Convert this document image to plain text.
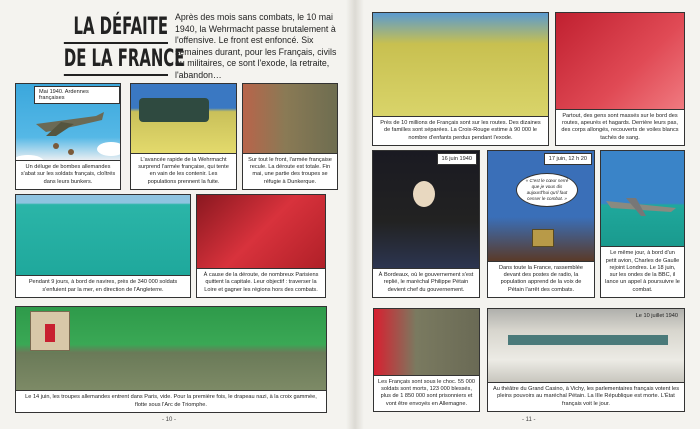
LA DÉFAITE
DE LA FRANCE
Après des mois sans combats, le 10 mai 1940, la Wehrmacht passe brutalement à l'offensive. Le front est enfoncé. Six semaines durant, pour les Français, civils ou militaires, ce sont l'exode, la retraite, l'abandon…
Mai 1940. Ardennes françaises
Un déluge de bombes allemandes s'abat sur les soldats français, cloîtrés dans leurs bunkers.
L'avancée rapide de la Wehrmacht surprend l'armée française, qui tente en vain de les contenir. Les populations prennent la fuite.
Sur tout le front, l'armée française recule. La déroute est totale. Fin mai, une partie des troupes se réfugie à Dunkerque.
Pendant 9 jours, à bord de navires, près de 340 000 soldats s'enfuient par la mer, en direction de l'Angleterre.
À cause de la déroute, de nombreux Parisiens quittent la capitale. Leur objectif : traverser la Loire et gagner les régions hors des combats.
Le 14 juin, les troupes allemandes entrent dans Paris, vide. Pour la première fois, le drapeau nazi, à la croix gammée, flotte sous l'Arc de Triomphe.
- 10 -
Près de 10 millions de Français sont sur les routes. Des dizaines de familles sont séparées. La Croix-Rouge estime à 90 000 le nombre d'enfants perdus pendant l'exode.
Partout, des gens sont massés sur le bord des routes, apeurés et hagards. Derrière leurs pas, des corps allongés, recouverts de voiles blancs tachés de sang.
16 juin 1940
À Bordeaux, où le gouvernement s'est replié, le maréchal Philippe Pétain devient chef du gouvernement.
17 juin, 12 h 20
« C'est le cœur serré que je vous dis aujourd'hui qu'il faut cesser le combat. »
Dans toute la France, rassemblée devant des postes de radio, la population apprend de la voix de Pétain l'arrêt des combats.
Le même jour, à bord d'un petit avion, Charles de Gaulle rejoint Londres. Le 18 juin, sur les ondes de la BBC, il lance un appel à poursuivre le combat.
Les Français sont sous le choc. 55 000 soldats sont morts, 123 000 blessés, plus de 1 850 000 sont prisonniers et vont être envoyés en Allemagne.
Le 10 juillet 1940
Au théâtre du Grand Casino, à Vichy, les parlementaires français votent les pleins pouvoirs au maréchal Pétain. La IIIe République est morte. L'État français voit le jour.
- 11 -
